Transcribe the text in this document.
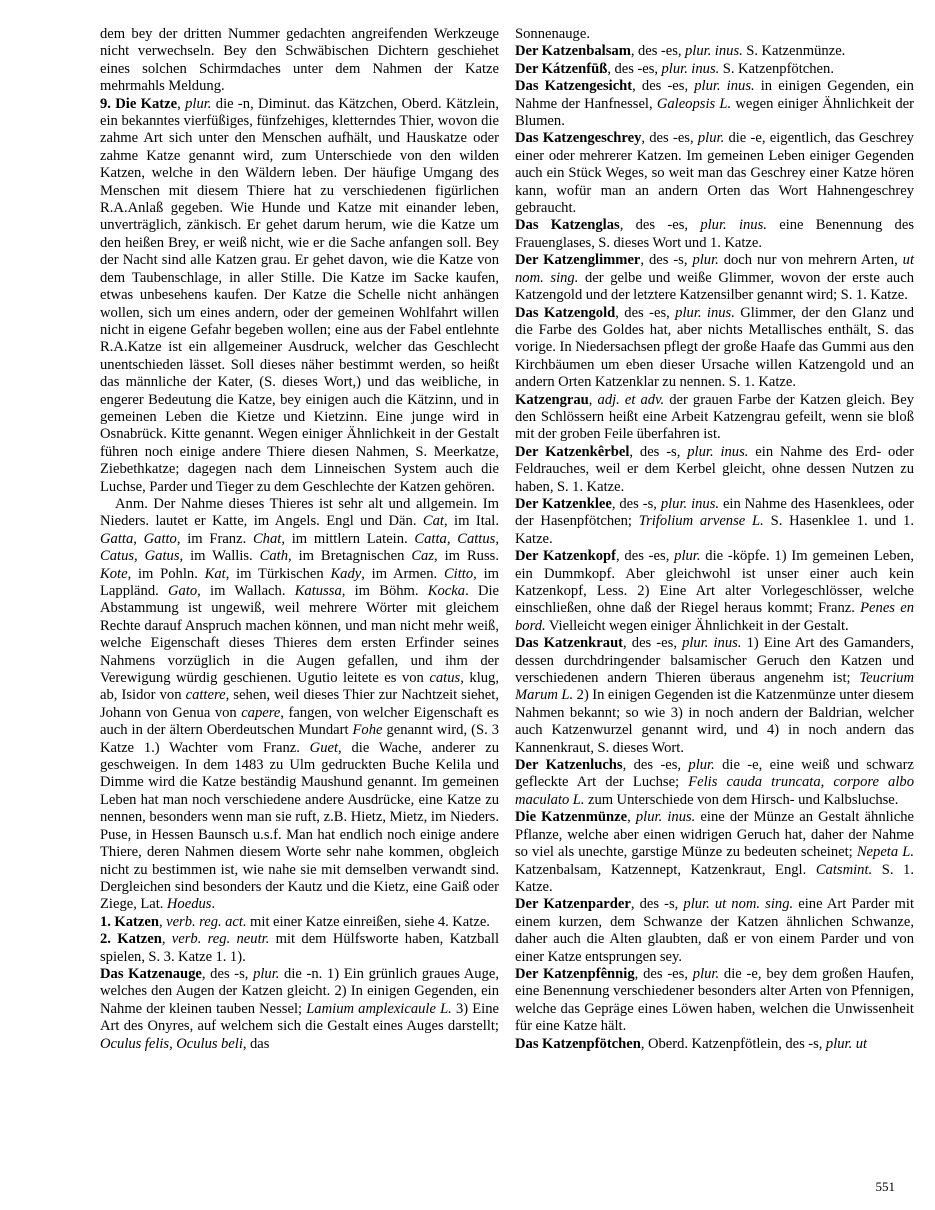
dem bey der dritten Nummer gedachten angreifenden Werkzeuge nicht verwechseln. Bey den Schwäbischen Dichtern geschiehet eines solchen Schirmdaches unter dem Nahmen der Katze mehrmahls Meldung.

9. Die Katze, plur. die -n, Diminut. das Kätzchen, Oberd. Kätzlein, ein bekanntes vierfüßiges, fünfzehiges, kletterndes Thier, wovon die zahme Art sich unter den Menschen aufhält, und Hauskatze oder zahme Katze genannt wird, zum Unterschiede von den wilden Katzen, welche in den Wäldern leben. Der häufige Umgang des Menschen mit diesem Thiere hat zu verschiedenen figürlichen R.A.Anlaß gegeben. Wie Hunde und Katze mit einander leben, unverträglich, zänkisch. Er gehet darum herum, wie die Katze um den heißen Brey, er weiß nicht, wie er die Sache anfangen soll. Bey der Nacht sind alle Katzen grau. Er gehet davon, wie die Katze von dem Taubenschlage, in aller Stille. Die Katze im Sacke kaufen, etwas unbesehens kaufen. Der Katze die Schelle nicht anhängen wollen, sich um eines andern, oder der gemeinen Wohlfahrt willen nicht in eigene Gefahr begeben wollen; eine aus der Fabel entlehnte R.A.Katze ist ein allgemeiner Ausdruck, welcher das Geschlecht unentschieden lässet. Soll dieses näher bestimmt werden, so heißt das männliche der Kater, (S. dieses Wort,) und das weibliche, in engerer Bedeutung die Katze, bey einigen auch die Kätzinn, und in gemeinen Leben die Kietze und Kietzinn. Eine junge wird in Osnabrück. Kitte genannt. Wegen einiger Ähnlichkeit in der Gestalt führen noch einige andere Thiere diesen Nahmen, S. Meerkatze, Ziebethkatze; dagegen nach dem Linneischen System auch die Luchse, Parder und Tieger zu dem Geschlechte der Katzen gehören.

Anm. Der Nahme dieses Thieres ist sehr alt und allgemein. Im Nieders. lautet er Katte, im Angels. Engl und Dän. Cat, im Ital. Gatta, Gatto, im Franz. Chat, im mittlern Latein. Catta, Cattus, Catus, Gatus, im Wallis. Cath, im Bretagnischen Caz, im Russ. Kote, im Pohln. Kat, im Türkischen Kady, im Armen. Citto, im Lappländ. Gato, im Wallach. Katussa, im Böhm. Kocka. Die Abstammung ist ungewiß, weil mehrere Wörter mit gleichem Rechte darauf Anspruch machen können, und man nicht mehr weiß, welche Eigenschaft dieses Thieres dem ersten Erfinder seines Nahmens vorzüglich in die Augen gefallen, und ihm der Verewigung würdig geschienen. Ugutio leitete es von catus, klug, ab, Isidor von cattere, sehen, weil dieses Thier zur Nachtzeit siehet, Johann von Genua von capere, fangen, von welcher Eigenschaft es auch in der ältern Oberdeutschen Mundart Fohe genannt wird, (S. 3 Katze 1.) Wachter vom Franz. Guet, die Wache, anderer zu geschweigen. In dem 1483 zu Ulm gedruckten Buche Kelila und Dimme wird die Katze beständig Maushund genannt. Im gemeinen Leben hat man noch verschiedene andere Ausdrücke, eine Katze zu nennen, besonders wenn man sie ruft, z.B. Hietz, Mietz, im Nieders. Puse, in Hessen Baunsch u.s.f. Man hat endlich noch einige andere Thiere, deren Nahmen diesem Worte sehr nahe kommen, obgleich nicht zu bestimmen ist, wie nahe sie mit demselben verwandt sind. Dergleichen sind besonders der Kautz und die Kietz, eine Gaiß oder Ziege, Lat. Hoedus.

1. Katzen, verb. reg. act. mit einer Katze einreißen, siehe 4. Katze.

2. Katzen, verb. reg. neutr. mit dem Hülfsworte haben, Katzball spielen, S. 3. Katze 1. 1).

Das Katzenauge, des -s, plur. die -n. 1) Ein grünlich graues Auge, welches den Augen der Katzen gleicht. 2) In einigen Gegenden, ein Nahme der kleinen tauben Nessel; Lamium amplexicaule L. 3) Eine Art des Onyres, auf welchem sich die Gestalt eines Auges darstellt; Oculus felis, Oculus beli, das

Sonnenauge.

Der Katzenbalsam, des -es, plur. inus. S. Katzenmünze.

Der Kátzenfūß, des -es, plur. inus. S. Katzenpfötchen.

Das Katzengesicht, des -es, plur. inus. in einigen Gegenden, ein Nahme der Hanfnessel, Galeopsis L. wegen einiger Ähnlichkeit der Blumen.

Das Katzengeschrey, des -es, plur. die -e, eigentlich, das Geschrey einer oder mehrerer Katzen. Im gemeinen Leben einiger Gegenden auch ein Stück Weges, so weit man das Geschrey einer Katze hören kann, wofür man an andern Orten das Wort Hahnengeschrey gebraucht.

Das Katzenglas, des -es, plur. inus. eine Benennung des Frauenglases, S. dieses Wort und 1. Katze.

Der Katzenglimmer, des -s, plur. doch nur von mehrern Arten, ut nom. sing. der gelbe und weiße Glimmer, wovon der erste auch Katzengold und der letztere Katzensilber genannt wird; S. 1. Katze.

Das Katzengold, des -es, plur. inus. Glimmer, der den Glanz und die Farbe des Goldes hat, aber nichts Metallisches enthält, S. das vorige. In Niedersachsen pflegt der große Haafe das Gummi aus den Kirchbäumen um eben dieser Ursache willen Katzengold und an andern Orten Katzenklar zu nennen. S. 1. Katze.

Katzengrau, adj. et adv. der grauen Farbe der Katzen gleich. Bey den Schlössern heißt eine Arbeit Katzengrau gefeilt, wenn sie bloß mit der groben Feile überfahren ist.

Der Katzenkêrbel, des -s, plur. inus. ein Nahme des Erd- oder Feldrauches, weil er dem Kerbel gleicht, ohne dessen Nutzen zu haben, S. 1. Katze.

Der Katzenklee, des -s, plur. inus. ein Nahme des Hasenklees, oder der Hasenpfötchen; Trifolium arvense L. S. Hasenklee 1. und 1. Katze.

Der Katzenkopf, des -es, plur. die -köpfe. 1) Im gemeinen Leben, ein Dummkopf. Aber gleichwohl ist unser einer auch kein Katzenkopf, Less. 2) Eine Art alter Vorlegeschlösser, welche einschließen, ohne daß der Riegel heraus kommt; Franz. Penes en bord. Vielleicht wegen einiger Ähnlichkeit in der Gestalt.

Das Katzenkraut, des -es, plur. inus. 1) Eine Art des Gamanders, dessen durchdringender balsamischer Geruch den Katzen und verschiedenen andern Thieren überaus angenehm ist; Teucrium Marum L. 2) In einigen Gegenden ist die Katzenmünze unter diesem Nahmen bekannt; so wie 3) in noch andern der Baldrian, welcher auch Katzenwurzel genannt wird, und 4) in noch andern das Kannenkraut, S. dieses Wort.

Der Katzenluchs, des -es, plur. die -e, eine weiß und schwarz gefleckte Art der Luchse; Felis cauda truncata, corpore albo maculato L. zum Unterschiede von dem Hirsch- und Kalbsluchse.

Die Katzenmünze, plur. inus. eine der Münze an Gestalt ähnliche Pflanze, welche aber einen widrigen Geruch hat, daher der Nahme so viel als unechte, garstige Münze zu bedeuten scheinet; Nepeta L. Katzenbalsam, Katzennept, Katzenkraut, Engl. Catsmint. S. 1. Katze.

Der Katzenparder, des -s, plur. ut nom. sing. eine Art Parder mit einem kurzen, dem Schwanze der Katzen ähnlichen Schwanze, daher auch die Alten glaubten, daß er von einem Parder und von einer Katze entsprungen sey.

Der Katzenpfênnig, des -es, plur. die -e, bey dem großen Haufen, eine Benennung verschiedener besonders alter Arten von Pfennigen, welche das Gepräge eines Löwen haben, welchen die Unwissenheit für eine Katze hält.

Das Katzenpfötchen, Oberd. Katzenpfötlein, des -s, plur. ut

551
